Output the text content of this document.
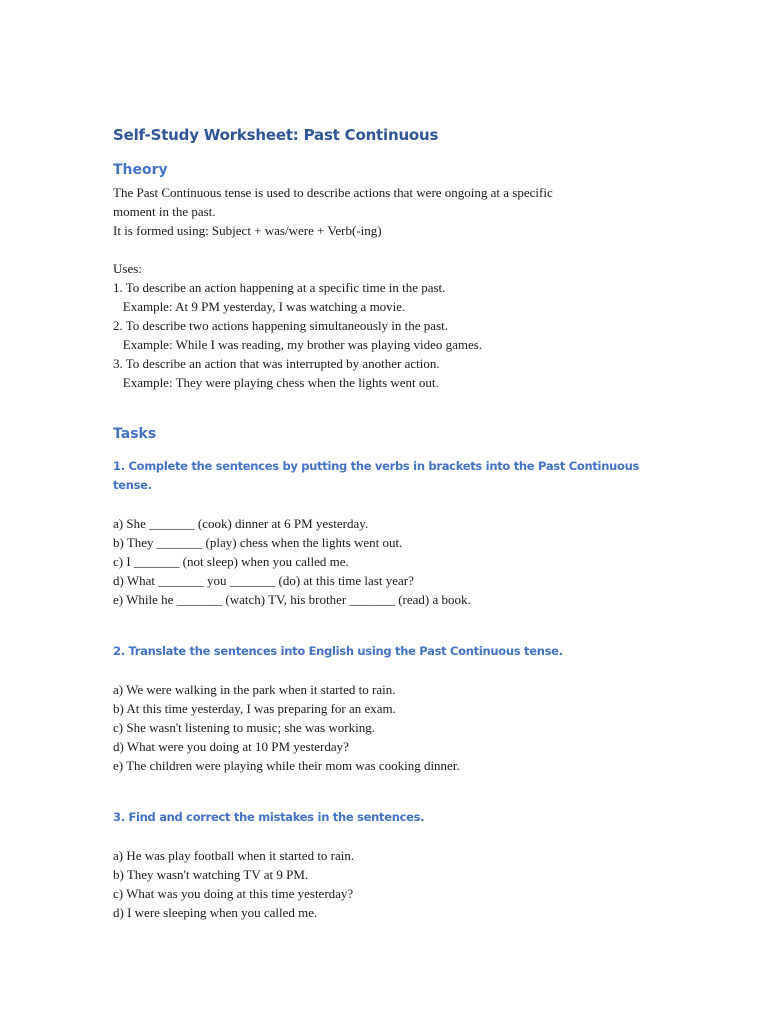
Self-Study Worksheet: Past Continuous
Theory

The Past Continuous tense is used to describe actions that were ongoing at a specific

moment in the past.

It is formed using: Subject + was/were + Verb(-ing)

Uses:

1. To describe an action happening at a specific time in the past.

Example: At 9 PM yesterday, I was watching a movie.

2. To describe two actions happening simultaneously in the past.

Example: While I was reading, my brother was playing video games.

3. To describe an action that was interrupted by another action.

Example: They were playing chess when the lights went out.

Tasks
1. Complete the sentences by putting the verbs in brackets into the Past Continuous tense.

a) She _______ (cook) dinner at 6 PM yesterday.

b) They _______ (play) chess when the lights went out.

c) I _______ (not sleep) when you called me.

d) What _______ you _______ (do) at this time last year?

e) While he _______ (watch) TV, his brother _______ (read) a book.

2. Translate the sentences into English using the Past Continuous tense.

a) We were walking in the park when it started to rain.

b) At this time yesterday, I was preparing for an exam.

c) She wasn't listening to music; she was working.

d) What were you doing at 10 PM yesterday?

e) The children were playing while their mom was cooking dinner.

3. Find and correct the mistakes in the sentences.

a) He was play football when it started to rain.

b) They wasn't watching TV at 9 PM.

c) What was you doing at this time yesterday?

d) I were sleeping when you called me.
